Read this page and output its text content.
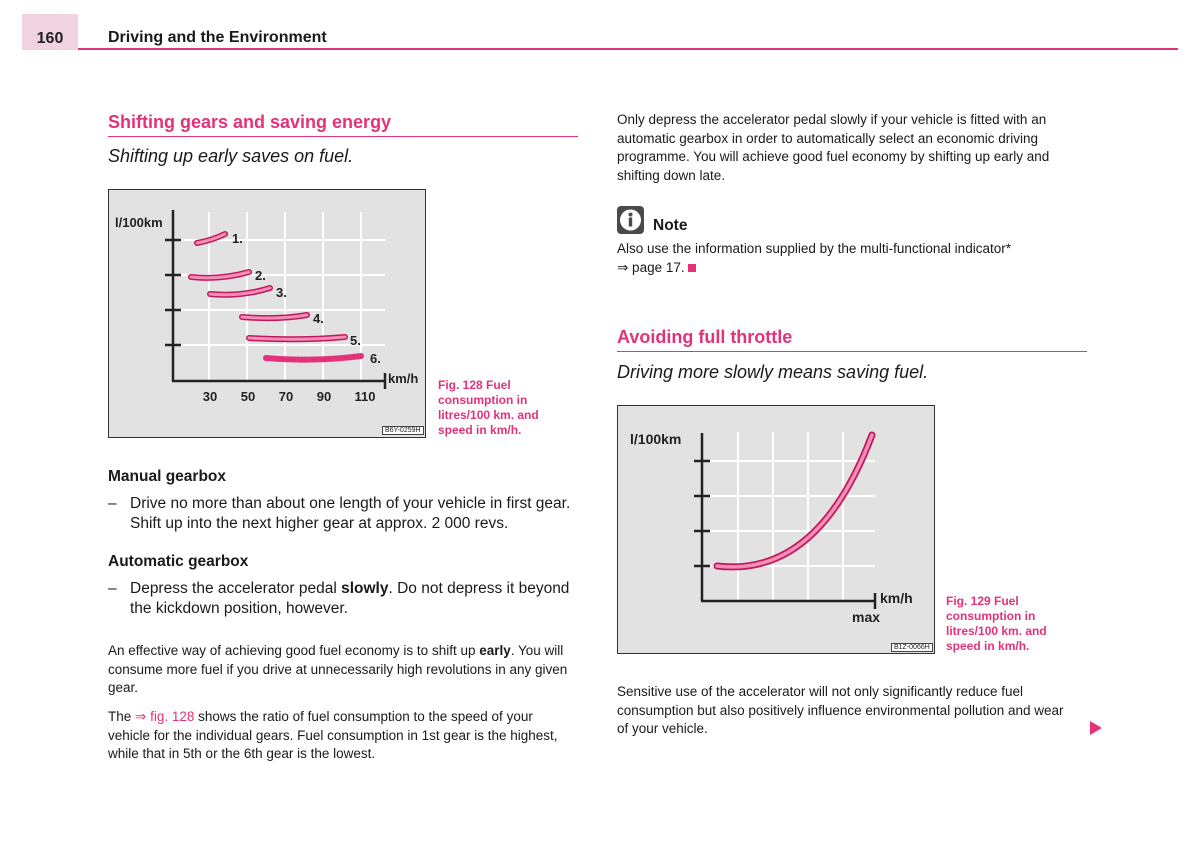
160	Driving and the Environment
Shifting gears and saving energy
Shifting up early saves on fuel.
l/100km
km/h
30 50 70 90 110
1.
2.
3.
4.
5.
6.
B6Y-0259H
Fig. 128 Fuel consumption in litres/100 km. and speed in km/h.
Manual gearbox
– Drive no more than about one length of your vehicle in first gear. Shift up into the next higher gear at approx. 2 000 revs.
Automatic gearbox
– Depress the accelerator pedal slowly. Do not depress it beyond the kickdown position, however.
An effective way of achieving good fuel economy is to shift up early. You will consume more fuel if you drive at unnecessarily high revolutions in any given gear.
The ⇒ fig. 128 shows the ratio of fuel consumption to the speed of your vehicle for the individual gears. Fuel consumption in 1st gear is the highest, while that in 5th or the 6th gear is the lowest.
Only depress the accelerator pedal slowly if your vehicle is fitted with an automatic gearbox in order to automatically select an economic driving programme. You will achieve good fuel economy by shifting up early and shifting down late.
Note
Also use the information supplied by the multi-functional indicator*
⇒ page 17.
Avoiding full throttle
Driving more slowly means saving fuel.
l/100km
km/h
max
B1Z-0066H
Fig. 129 Fuel consumption in litres/100 km. and speed in km/h.
Sensitive use of the accelerator will not only significantly reduce fuel consumption but also positively influence environmental pollution and wear of your vehicle.
